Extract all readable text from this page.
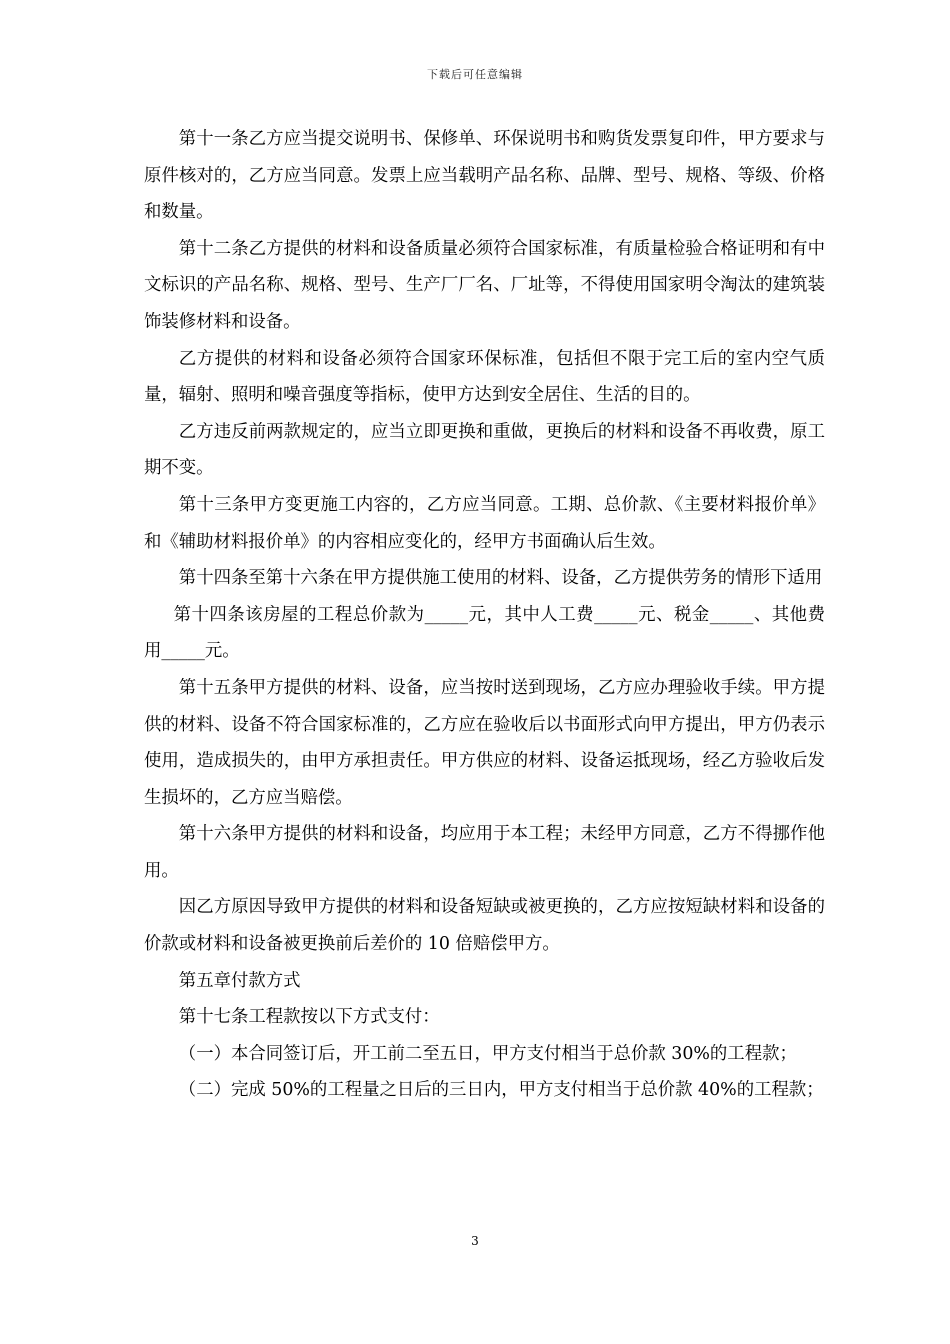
下载后可任意编辑

第十一条乙方应当提交说明书、保修单、环保说明书和购货发票复印件，甲方要求与原件核对的，乙方应当同意。发票上应当载明产品名称、品牌、型号、规格、等级、价格和数量。

第十二条乙方提供的材料和设备质量必须符合国家标准，有质量检验合格证明和有中文标识的产品名称、规格、型号、生产厂厂名、厂址等，不得使用国家明令淘汰的建筑装饰装修材料和设备。

乙方提供的材料和设备必须符合国家环保标准，包括但不限于完工后的室内空气质量，辐射、照明和噪音强度等指标，使甲方达到安全居住、生活的目的。

乙方违反前两款规定的，应当立即更换和重做，更换后的材料和设备不再收费，原工期不变。

第十三条甲方变更施工内容的，乙方应当同意。工期、总价款、《主要材料报价单》和《辅助材料报价单》的内容相应变化的，经甲方书面确认后生效。

第十四条至第十六条在甲方提供施工使用的材料、设备，乙方提供劳务的情形下适用

第十四条该房屋的工程总价款为_____元，其中人工费_____元、税金_____、其他费用_____元。

第十五条甲方提供的材料、设备，应当按时送到现场，乙方应办理验收手续。甲方提供的材料、设备不符合国家标准的，乙方应在验收后以书面形式向甲方提出，甲方仍表示使用，造成损失的，由甲方承担责任。甲方供应的材料、设备运抵现场，经乙方验收后发生损坏的，乙方应当赔偿。

第十六条甲方提供的材料和设备，均应用于本工程；未经甲方同意，乙方不得挪作他用。

因乙方原因导致甲方提供的材料和设备短缺或被更换的，乙方应按短缺材料和设备的价款或材料和设备被更换前后差价的 10 倍赔偿甲方。

第五章付款方式

第十七条工程款按以下方式支付：

（一）本合同签订后，开工前二至五日，甲方支付相当于总价款 30%的工程款；

（二）完成 50%的工程量之日后的三日内，甲方支付相当于总价款 40%的工程款；

3
